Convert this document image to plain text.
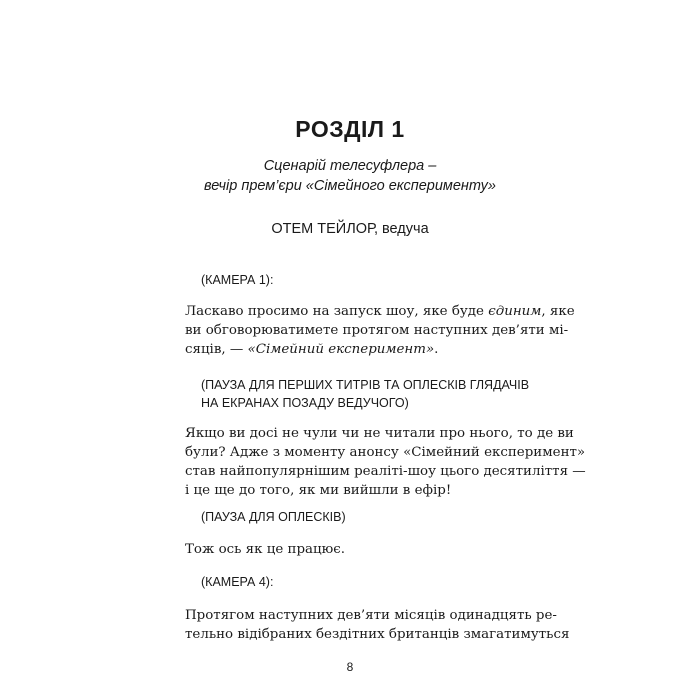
РОЗДІЛ 1

Сценарій телесуфлера –

вечір прем’єри «Сімейного експерименту»

ОТЕМ ТЕЙЛОР, ведуча

(КАМЕРА 1):

Ласкаво просимо на запуск шоу, яке буде єдиним, яке
ви обговорюватимете протягом наступних дев’яти мі-
сяців, — «Сімейний експеримент».

(ПАУЗА ДЛЯ ПЕРШИХ ТИТРІВ ТА ОПЛЕСКІВ ГЛЯДАЧІВ
НА ЕКРАНАХ ПОЗАДУ ВЕДУЧОГО)

Якщо ви досі не чули чи не читали про нього, то де ви
були? Адже з моменту анонсу «Сімейний експеримент»
став найпопулярнішим реаліті-шоу цього десятиліття —
і це ще до того, як ми вийшли в ефір!

(ПАУЗА ДЛЯ ОПЛЕСКІВ)

Тож ось як це працює.

(КАМЕРА 4):

Протягом наступних дев’яти місяців одинадцять ре-
тельно відібраних бездітних британців змагатимуться

8
